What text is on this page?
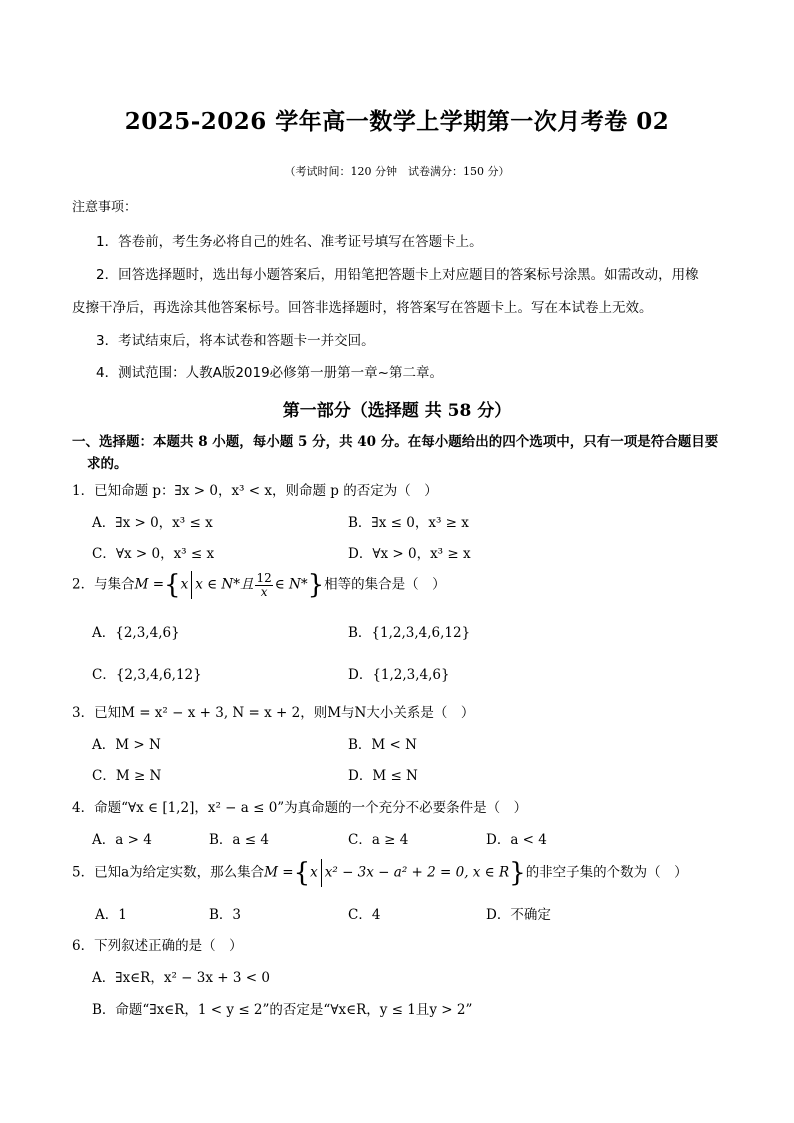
2025-2026 学年高一数学上学期第一次月考卷 02
（考试时间：120 分钟　试卷满分：150 分）
注意事项：
1．答卷前，考生务必将自己的姓名、准考证号填写在答题卡上。
2．回答选择题时，选出每小题答案后，用铅笔把答题卡上对应题目的答案标号涂黑。如需改动，用橡
皮擦干净后，再选涂其他答案标号。回答非选择题时，将答案写在答题卡上。写在本试卷上无效。
3．考试结束后，将本试卷和答题卡一并交回。
4．测试范围：人教A版2019必修第一册第一章~第二章。
第一部分（选择题 共 58 分）
一、选择题：本题共 8 小题，每小题 5 分，共 40 分。在每小题给出的四个选项中，只有一项是符合题目要
求的。
1．已知命题 p：∃x > 0，x³ < x，则命题 p 的否定为（　）
A．∃x > 0，x³ ≤ x	B．∃x ≤ 0，x³ ≥ x
C．∀x > 0，x³ ≤ x	D．∀x > 0，x³ ≥ x
2．与集合M ={x x ∈ N*且 $\frac{12}{x}$ ∈ N*}相等的集合是（　）
A．{2,3,4,6}	B．{1,2,3,4,6,12}
C．{2,3,4,6,12}	D．{1,2,3,4,6}
3．已知M = x² − x + 3, N = x + 2，则M与N大小关系是（　）
A．M > N	B．M < N
C．M ≥ N	D．M ≤ N
4．命题“∀x ∈ [1,2]，x² − a ≤ 0”为真命题的一个充分不必要条件是（　）
A．a > 4	B．a ≤ 4	C．a ≥ 4	D．a < 4
5．已知a为给定实数，那么集合M ={x x² − 3x − a² + 2 = 0, x ∈ R}的非空子集的个数为（　）
A．1	B．3	C．4	D．不确定
6．下列叙述正确的是（　）
A．∃x∈R，x² − 3x + 3 < 0
B．命题“∃x∈R，1 < y ≤ 2”的否定是“∀x∈R，y ≤ 1且y > 2”
